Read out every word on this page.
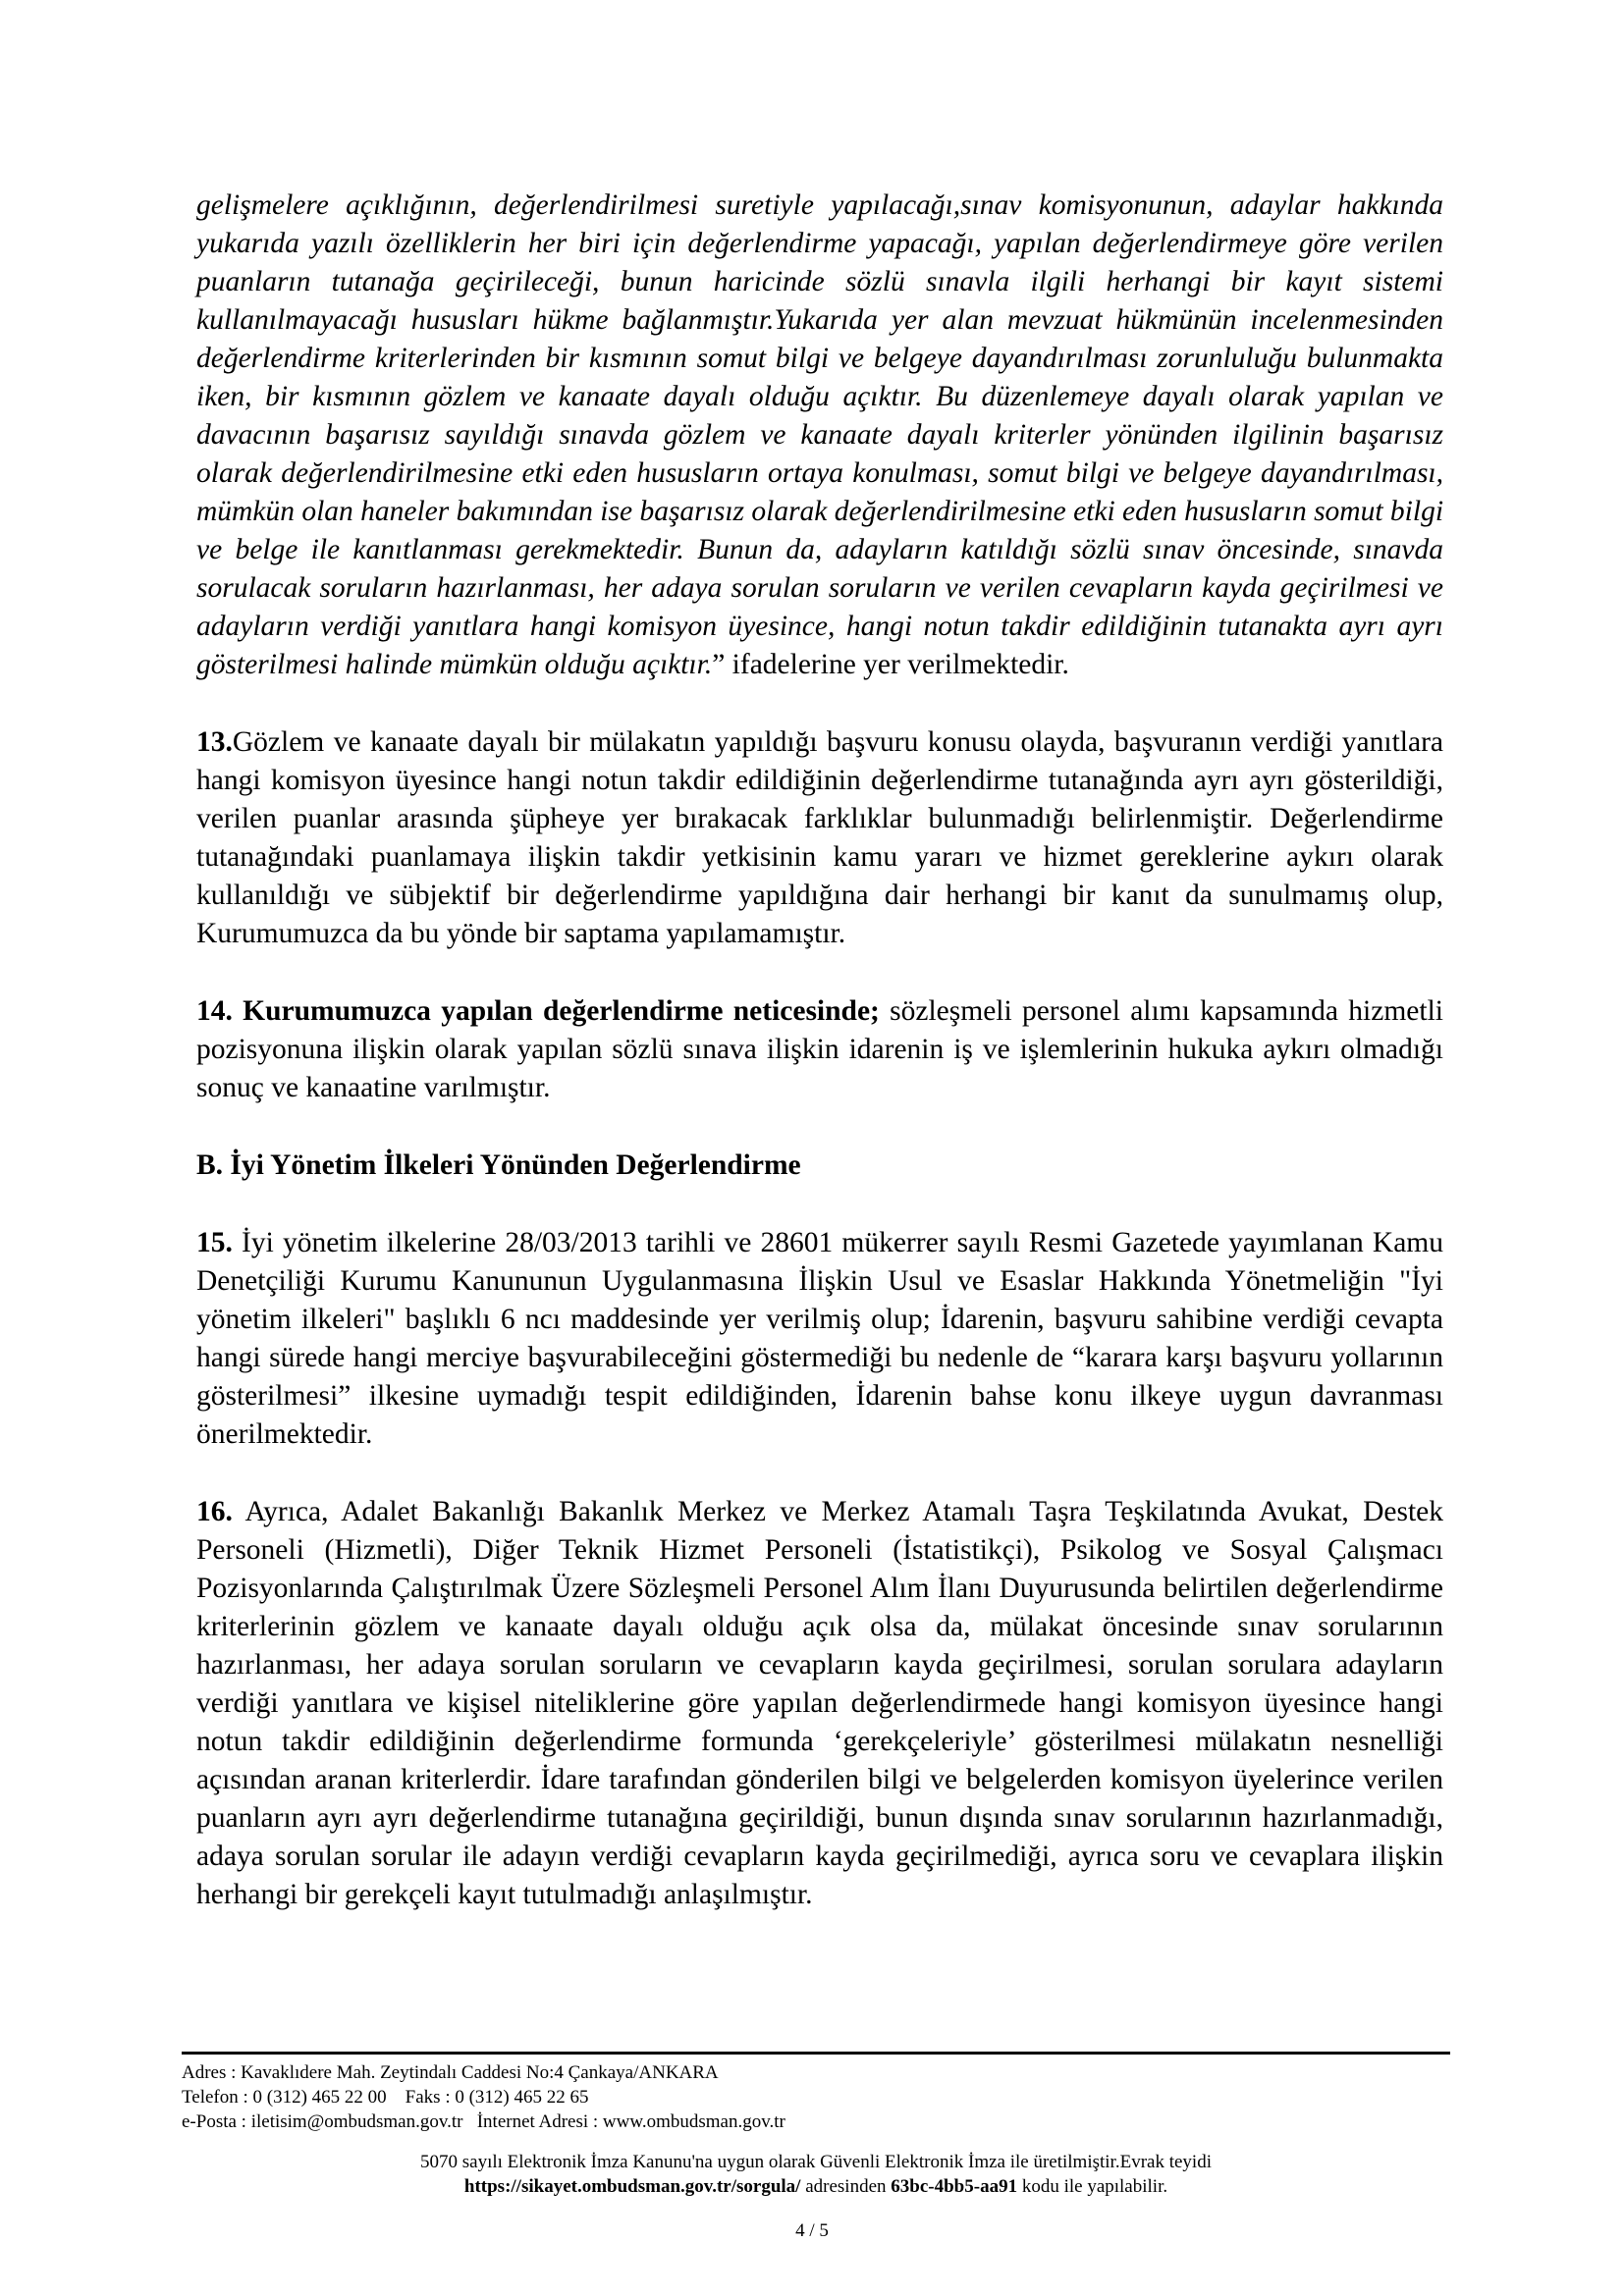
gelişmelere açıklığının, değerlendirilmesi suretiyle yapılacağı,sınav komisyonunun, adaylar hakkında yukarıda yazılı özelliklerin her biri için değerlendirme yapacağı, yapılan değerlendirmeye göre verilen puanların tutanağa geçirileceği, bunun haricinde sözlü sınavla ilgili herhangi bir kayıt sistemi kullanılmayacağı hususları hükme bağlanmıştır.Yukarıda yer alan mevzuat hükmünün incelenmesinden değerlendirme kriterlerinden bir kısmının somut bilgi ve belgeye dayandırılması zorunluluğu bulunmakta iken, bir kısmının gözlem ve kanaate dayalı olduğu açıktır. Bu düzenlemeye dayalı olarak yapılan ve davacının başarısız sayıldığı sınavda gözlem ve kanaate dayalı kriterler yönünden ilgilinin başarısız olarak değerlendirilmesine etki eden hususların ortaya konulması, somut bilgi ve belgeye dayandırılması, mümkün olan haneler bakımından ise başarısız olarak değerlendirilmesine etki eden hususların somut bilgi ve belge ile kanıtlanması gerekmektedir. Bunun da, adayların katıldığı sözlü sınav öncesinde, sınavda sorulacak soruların hazırlanması, her adaya sorulan soruların ve verilen cevapların kayda geçirilmesi ve adayların verdiği yanıtlara hangi komisyon üyesince, hangi notun takdir edildiğinin tutanakta ayrı ayrı gösterilmesi halinde mümkün olduğu açıktır.” ifadelerine yer verilmektedir.

13.Gözlem ve kanaate dayalı bir mülakatın yapıldığı başvuru konusu olayda, başvuranın verdiği yanıtlara hangi komisyon üyesince hangi notun takdir edildiğinin değerlendirme tutanağında ayrı ayrı gösterildiği, verilen puanlar arasında şüpheye yer bırakacak farklıklar bulunmadığı belirlenmiştir. Değerlendirme tutanağındaki puanlamaya ilişkin takdir yetkisinin kamu yararı ve hizmet gereklerine aykırı olarak kullanıldığı ve sübjektif bir değerlendirme yapıldığına dair herhangi bir kanıt da sunulmamış olup, Kurumumuzca da bu yönde bir saptama yapılamamıştır.

14. Kurumumuzca yapılan değerlendirme neticesinde; sözleşmeli personel alımı kapsamında hizmetli pozisyonuna ilişkin olarak yapılan sözlü sınava ilişkin idarenin iş ve işlemlerinin hukuka aykırı olmadığı sonuç ve kanaatine varılmıştır.

B. İyi Yönetim İlkeleri Yönünden Değerlendirme

15. İyi yönetim ilkelerine 28/03/2013 tarihli ve 28601 mükerrer sayılı Resmi Gazetede yayımlanan Kamu Denetçiliği Kurumu Kanununun Uygulanmasına İlişkin Usul ve Esaslar Hakkında Yönetmeliğin "İyi yönetim ilkeleri" başlıklı 6 ncı maddesinde yer verilmiş olup; İdarenin, başvuru sahibine verdiği cevapta hangi sürede hangi merciye başvurabileceğini göstermediği bu nedenle de “karara karşı başvuru yollarının gösterilmesi” ilkesine uymadığı tespit edildiğinden, İdarenin bahse konu ilkeye uygun davranması önerilmektedir.

16. Ayrıca, Adalet Bakanlığı Bakanlık Merkez ve Merkez Atamalı Taşra Teşkilatında Avukat, Destek Personeli (Hizmetli), Diğer Teknik Hizmet Personeli (İstatistikçi), Psikolog ve Sosyal Çalışmacı Pozisyonlarında Çalıştırılmak Üzere Sözleşmeli Personel Alım İlanı Duyurusunda belirtilen değerlendirme kriterlerinin gözlem ve kanaate dayalı olduğu açık olsa da, mülakat öncesinde sınav sorularının hazırlanması, her adaya sorulan soruların ve cevapların kayda geçirilmesi, sorulan sorulara adayların verdiği yanıtlara ve kişisel niteliklerine göre yapılan değerlendirmede hangi komisyon üyesince hangi notun takdir edildiğinin değerlendirme formunda ‘gerekçeleriyle’ gösterilmesi mülakatın nesnelliği açısından aranan kriterlerdir. İdare tarafından gönderilen bilgi ve belgelerden komisyon üyelerince verilen puanların ayrı ayrı değerlendirme tutanağına geçirildiği, bunun dışında sınav sorularının hazırlanmadığı, adaya sorulan sorular ile adayın verdiği cevapların kayda geçirilmediği, ayrıca soru ve cevaplara ilişkin herhangi bir gerekçeli kayıt tutulmadığı anlaşılmıştır.

Adres : Kavaklıdere Mah. Zeytindalı Caddesi No:4 Çankaya/ANKARA
Telefon : 0 (312) 465 22 00    Faks : 0 (312) 465 22 65
e-Posta : iletisim@ombudsman.gov.tr   İnternet Adresi : www.ombudsman.gov.tr
5070 sayılı Elektronik İmza Kanunu'na uygun olarak Güvenli Elektronik İmza ile üretilmiştir.Evrak teyidi
https://sikayet.ombudsman.gov.tr/sorgula/ adresinden 63bc-4bb5-aa91 kodu ile yapılabilir.
4 / 5
